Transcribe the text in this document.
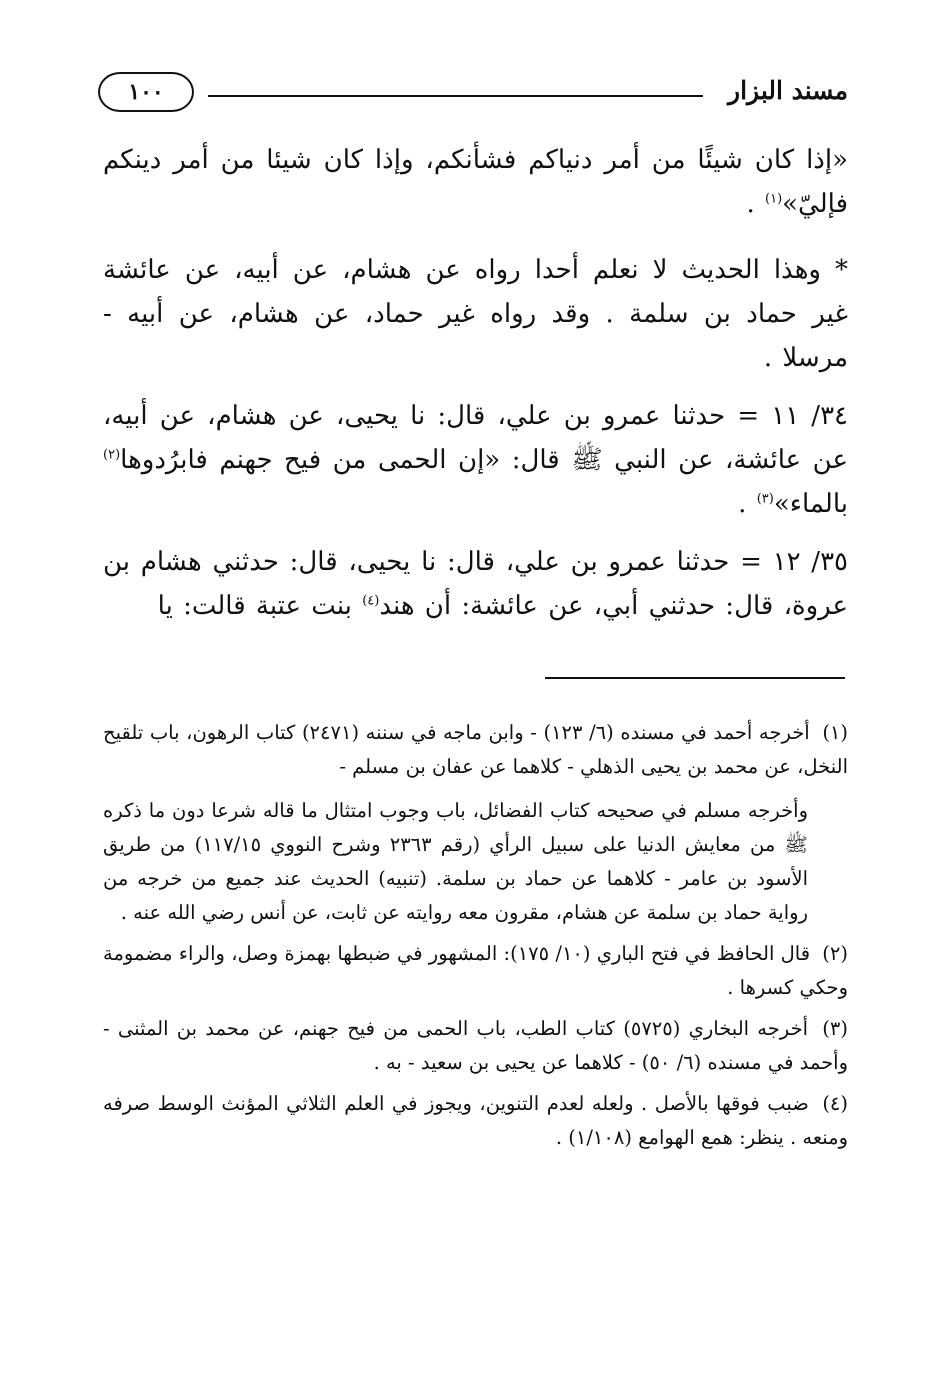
مسند البزار
١٠٠

«إذا كان شيئًا من أمر دنياكم فشأنكم، وإذا كان شيئا من أمر دينكم فإليّ»$^{(١)}$ .

* وهذا الحديث لا نعلم أحدا رواه عن هشام، عن أبيه، عن عائشة غير حماد بن سلمة . وقد رواه غير حماد، عن هشام، عن أبيه - مرسلا .

٣٤/ ١١ = حدثنا عمرو بن علي، قال: نا يحيى، عن هشام، عن أبيه، عن عائشة، عن النبي ﷺ قال: «إن الحمى من فيح جهنم فابرُدوها$^{(٢)}$ بالماء»$^{(٣)}$ .

٣٥/ ١٢ = حدثنا عمرو بن علي، قال: نا يحيى، قال: حدثني هشام بن عروة، قال: حدثني أبي، عن عائشة: أن هند$^{(٤)}$ بنت عتبة قالت: يا

(١) أخرجه أحمد في مسنده (٦/ ١٢٣) - وابن ماجه في سننه (٢٤٧١) كتاب الرهون، باب تلقيح النخل، عن محمد بن يحيى الذهلي - كلاهما عن عفان بن مسلم -

وأخرجه مسلم في صحيحه كتاب الفضائل، باب وجوب امتثال ما قاله شرعا دون ما ذكره ﷺ من معايش الدنيا على سبيل الرأي (رقم ٢٣٦٣ وشرح النووي ١١٧/١٥) من طريق الأسود بن عامر - كلاهما عن حماد بن سلمة. (تنبيه) الحديث عند جميع من خرجه من رواية حماد بن سلمة عن هشام، مقرون معه روايته عن ثابت، عن أنس رضي الله عنه .

(٢) قال الحافظ في فتح الباري (١٠/ ١٧٥): المشهور في ضبطها بهمزة وصل، والراء مضمومة وحكي كسرها .

(٣) أخرجه البخاري (٥٧٢٥) كتاب الطب، باب الحمى من فيح جهنم، عن محمد بن المثنى - وأحمد في مسنده (٦/ ٥٠) - كلاهما عن يحيى بن سعيد - به .

(٤) ضبب فوقها بالأصل . ولعله لعدم التنوين، ويجوز في العلم الثلاثي المؤنث الوسط صرفه ومنعه . ينظر: همع الهوامع (١/١٠٨) .
